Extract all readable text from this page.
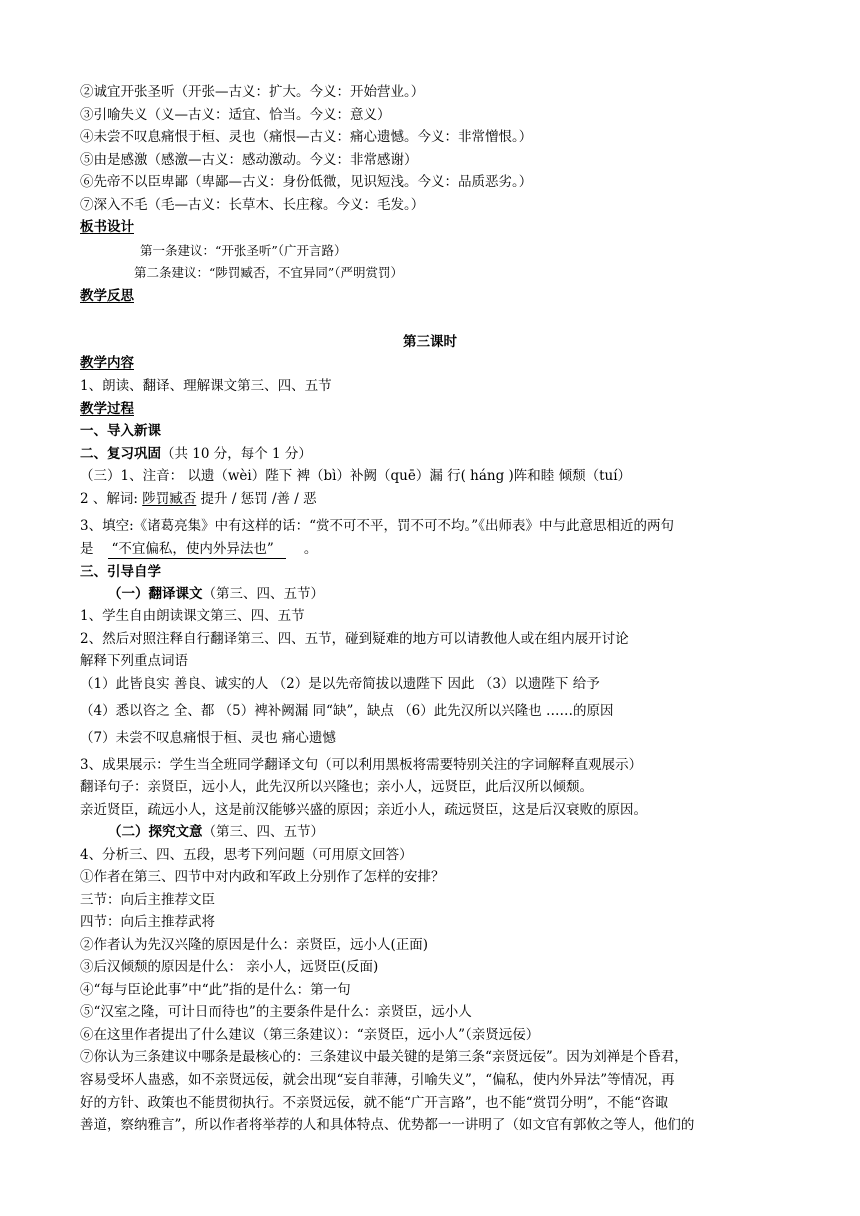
②诚宜开张圣听（开张—古义：扩大。今义：开始营业。）
③引喻失义（义—古义：适宜、恰当。今义：意义）
④未尝不叹息痛恨于桓、灵也（痛恨—古义：痛心遗憾。今义：非常憎恨。）
⑤由是感激（感激—古义：感动激动。今义：非常感谢）
⑥先帝不以臣卑鄙（卑鄙—古义：身份低微，见识短浅。今义：品质恶劣。）
⑦深入不毛（毛—古义：长草木、长庄稼。今义：毛发。）
板书设计
第一条建议：“开张圣听”（广开言路）
第二条建议：“陟罚臧否，不宜异同”（严明赏罚）
教学反思
第三课时
教学内容
1、朗读、翻译、理解课文第三、四、五节
教学过程
一、导入新课
二、复习巩固（共 10 分，每个 1 分）
（三）1、注音： 以遗（wèi）陛下 裨（bì）补阙（quē）漏 行( háng )阵和睦 倾颓（tuí）
2 、解词: 陟罚臧否 提升 / 惩罚 /善 / 恶
3、填空:《诸葛亮集》中有这样的话：“赏不可不平，罚不可不均。”《出师表》中与此意思相近的两句
是 “不宜偏私，使内外异法也” 。
三、引导自学
（一）翻译课文（第三、四、五节）
1、学生自由朗读课文第三、四、五节
2、然后对照注释自行翻译第三、四、五节，碰到疑难的地方可以请教他人或在组内展开讨论
解释下列重点词语
（1）此皆良实 善良、诚实的人 （2）是以先帝简拔以遗陛下 因此 （3）以遗陛下 给予
（4）悉以咨之 全、都 （5）裨补阙漏 同“缺”，缺点 （6）此先汉所以兴隆也 ……的原因
（7）未尝不叹息痛恨于桓、灵也 痛心遗憾
3、成果展示：学生当全班同学翻译文句（可以利用黑板将需要特别关注的字词解释直观展示）
翻译句子：亲贤臣，远小人，此先汉所以兴隆也；亲小人，远贤臣，此后汉所以倾颓。
亲近贤臣，疏远小人，这是前汉能够兴盛的原因；亲近小人，疏远贤臣，这是后汉衰败的原因。
（二）探究文意（第三、四、五节）
4、分析三、四、五段，思考下列问题（可用原文回答）
①作者在第三、四节中对内政和军政上分别作了怎样的安排？
三节：向后主推荐文臣
四节：向后主推荐武将
②作者认为先汉兴隆的原因是什么：亲贤臣，远小人(正面)
③后汉倾颓的原因是什么： 亲小人，远贤臣(反面)
④“每与臣论此事”中“此”指的是什么：第一句
⑤“汉室之隆，可计日而待也”的主要条件是什么：亲贤臣，远小人
⑥在这里作者提出了什么建议（第三条建议）：“亲贤臣，远小人”（亲贤远佞）
⑦你认为三条建议中哪条是最核心的：三条建议中最关键的是第三条“亲贤远佞”。因为刘禅是个昏君，
容易受坏人蛊惑，如不亲贤远佞，就会出现“妄自菲薄，引喻失义”，“偏私，使内外异法”等情况，再
好的方针、政策也不能贯彻执行。不亲贤远佞，就不能“广开言路”，也不能“赏罚分明”，不能“咨诹
善道，察纳雅言”，所以作者将举荐的人和具体特点、优势都一一讲明了（如文官有郭攸之等人，他们的
